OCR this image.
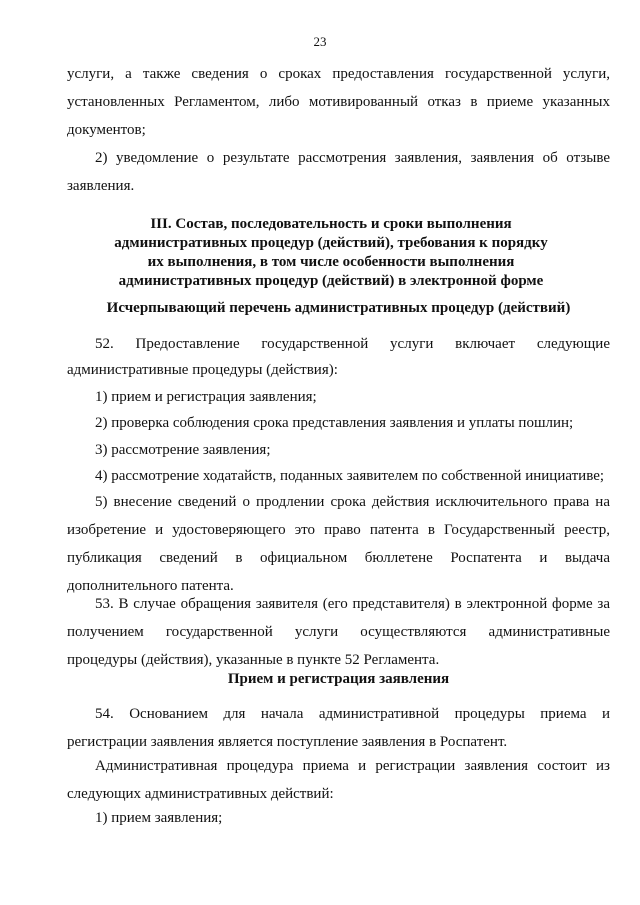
23

услуги, а также сведения о сроках предоставления государственной услуги, установленных Регламентом, либо мотивированный отказ в приеме указанных документов;

2) уведомление о результате рассмотрения заявления, заявления об отзыве заявления.

III. Состав, последовательность и сроки выполнения
административных процедур (действий), требования к порядку
их выполнения, в том числе особенности выполнения
административных процедур (действий) в электронной форме
Исчерпывающий перечень административных процедур (действий)

52. Предоставление государственной услуги включает следующие

административные процедуры (действия):

1) прием и регистрация заявления;
2) проверка соблюдения срока представления заявления и уплаты пошлин;
3) рассмотрение заявления;
4) рассмотрение ходатайств, поданных заявителем по собственной инициативе;

5) внесение сведений о продлении срока действия исключительного права на изобретение и удостоверяющего это право патента в Государственный реестр, публикация сведений в официальном бюллетене Роспатента и выдача дополнительного патента.

53. В случае обращения заявителя (его представителя) в электронной форме за получением государственной услуги осуществляются административные процедуры (действия), указанные в пункте 52 Регламента.

Прием и регистрация заявления

54. Основанием для начала административной процедуры приема и регистрации заявления является поступление заявления в Роспатент.

Административная процедура приема и регистрации заявления состоит из следующих административных действий:

1) прием заявления;
